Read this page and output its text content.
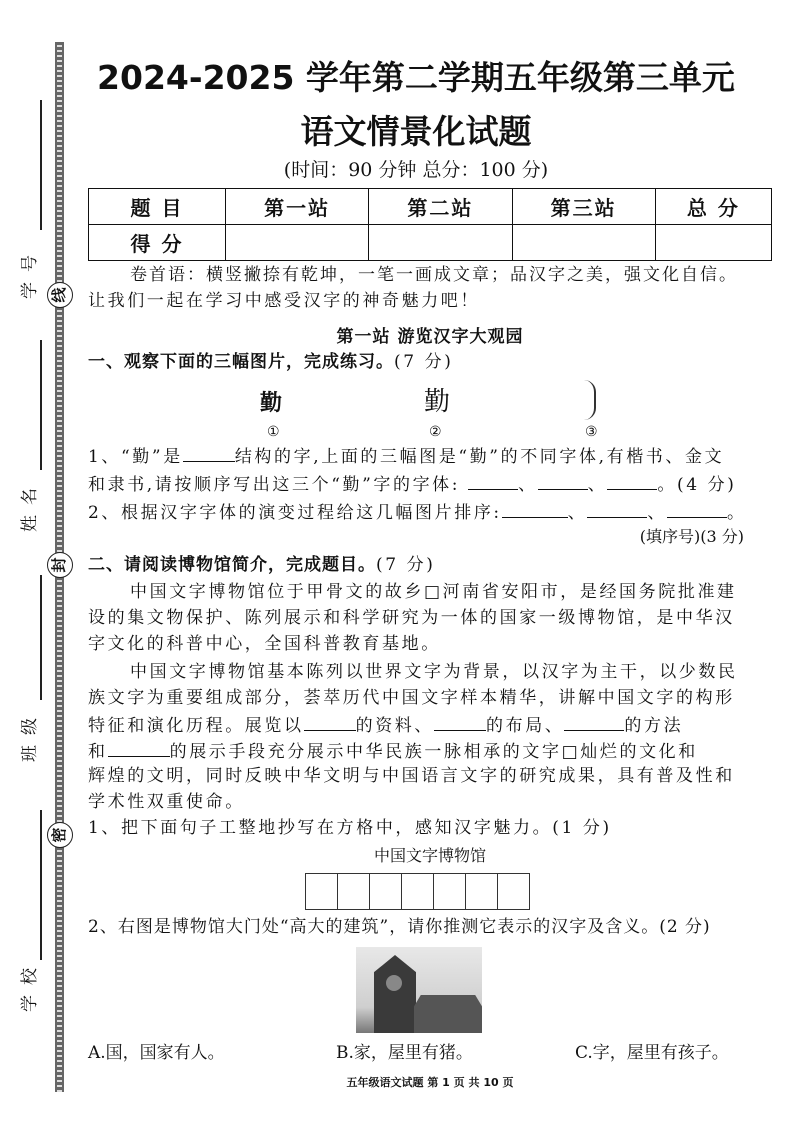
学号 线
姓名
封
班级
密
学校
2024-2025 学年第二学期五年级第三单元
语文情景化试题
(时间：90 分钟 总分：100 分)
题 目	第一站	第二站	第三站	总 分
得 分				
卷首语：横竖撇捺有乾坤，一笔一画成文章；品汉字之美，强文化自信。
让我们一起在学习中感受汉字的神奇魅力吧！
第一站 游览汉字大观园
一、观察下面的三幅图片，完成练习。(7 分)
勤	勤
①	②	③
1、“勤”是	结构的字,上面的三幅图是“勤”的不同字体,有楷书、金文
和隶书,请按顺序写出这三个“勤”字的字体:	、	、	。(4 分)
2、根据汉字字体的演变过程给这几幅图片排序:	、	、	。
(填序号)(3 分)
二、请阅读博物馆简介，完成题目。(7 分)
中国文字博物馆位于甲骨文的故乡□河南省安阳市，是经国务院批准建
设的集文物保护、陈列展示和科学研究为一体的国家一级博物馆，是中华汉
字文化的科普中心，全国科普教育基地。
中国文字博物馆基本陈列以世界文字为背景，以汉字为主干，以少数民
族文字为重要组成部分，荟萃历代中国文字样本精华，讲解中国文字的构形
特征和演化历程。展览以	的资料、	的布局、	的方法
和	的展示手段充分展示中华民族一脉相承的文字□灿烂的文化和
辉煌的文明，同时反映中华文明与中国语言文字的研究成果，具有普及性和
学术性双重使命。
1、把下面句子工整地抄写在方格中，感知汉字魅力。(1 分)
中国文字博物馆
2、右图是博物馆大门处“高大的建筑”，请你推测它表示的汉字及含义。(2 分)
A.国，国家有人。	B.家，屋里有猪。	C.字，屋里有孩子。
五年级语文试题 第 1 页 共 10 页
